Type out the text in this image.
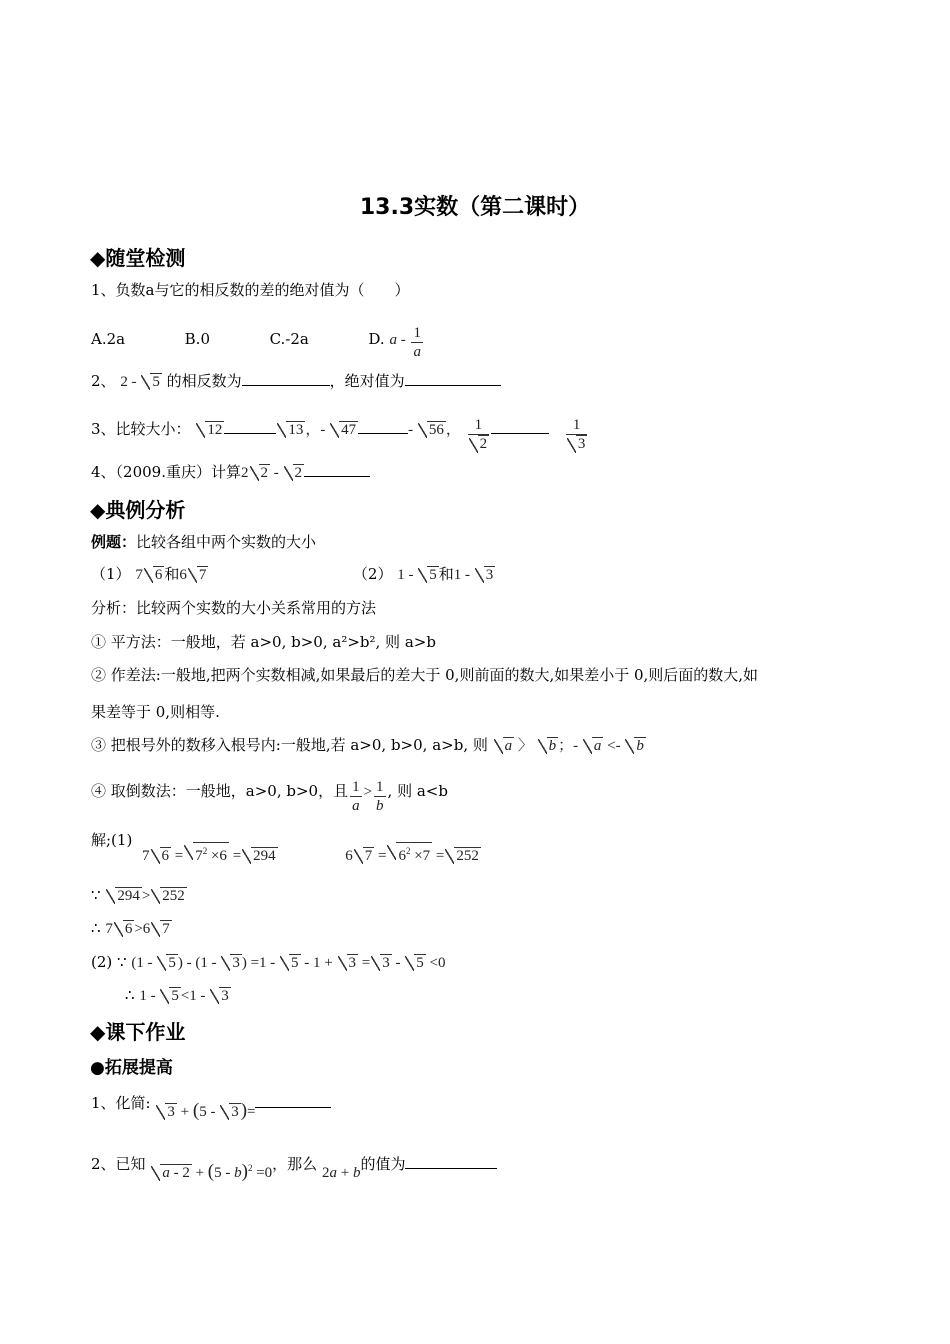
13.3实数（第二课时）
◆随堂检测
1、负数a与它的相反数的差的绝对值为（　　）
A.2a	B.0	C.-2a	D. a - $\frac{1}{a}$
2、 2 - 5 的相反数为	，绝对值为
3、比较大小： 12	13 ，- 47	- 56 ， $\frac{1}{2}$
	$\frac{1}{3}$
4、（2009.重庆）计算2 2 - 2
◆典例分析
例题：比较各组中两个实数的大小
（1） 7 6 和6 7	（2） 1 - 5 和1 - 3
分析：比较两个实数的大小关系常用的方法
① 平方法：一般地，若 a>0, b>0, a²>b², 则 a>b
② 作差法:一般地,把两个实数相减,如果最后的差大于 0,则前面的数大,如果差小于 0,则后面的数大,如
果差等于 0,则相等.
③ 把根号外的数移入根号内:一般地,若 a>0, b>0, a>b, 则 a 〉 b ；- a <- b
④ 取倒数法：一般地，a>0, b>0，且 $\frac{1}{a} > \frac{1}{b}$ , 则 a<b
解;(1)
7 $6 = 7^2 \times 6 = 294$	6 $7 = 6^2 \times 7 = 252$
∵ 294 > 252
∴ 7 6 >6 7
(2) ∵ (1 - 5 ) - (1 - 3 ) =1 - 5 - 1 + 3 = 3 - 5 <0
∴ 1 - 5 <1 - 3
◆课下作业
●拓展提高
1、化简: 3 + (5 - 3 )=
2、已知 a - 2 + (5 - b)$^2$ =0，那么 2a + b的值为
